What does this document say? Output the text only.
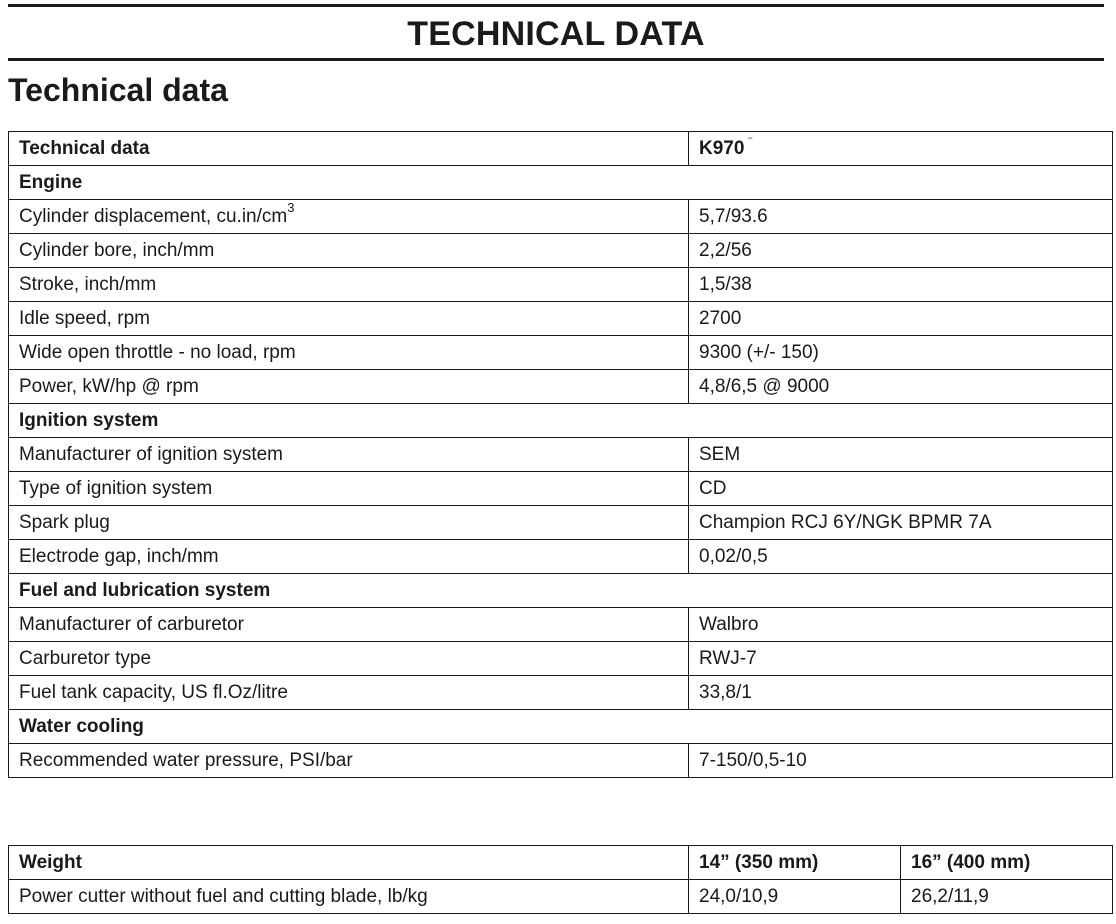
TECHNICAL DATA
Technical data
Technical data	K970 ‾
Engine	
Cylinder displacement, $cu.in/cm^3$	5,7/93.6
Cylinder bore, inch/mm	2,2/56
Stroke, inch/mm	1,5/38
Idle speed, rpm	2700
Wide open throttle - no load, rpm	9300 (+/- 150)
Power, kW/hp @ rpm	4,8/6,5 @ 9000
Ignition system	
Manufacturer of ignition system	SEM
Type of ignition system	CD
Spark plug	Champion RCJ 6Y/NGK BPMR 7A
Electrode gap, inch/mm	0,02/0,5
Fuel and lubrication system	
Manufacturer of carburetor	Walbro
Carburetor type	RWJ-7
Fuel tank capacity, US fl.Oz/litre	33,8/1
Water cooling	
Recommended water pressure, PSI/bar	7-150/0,5-10
Weight	14” (350 mm)	16” (400 mm)
Power cutter without fuel and cutting blade, lb/kg	24,0/10,9	26,2/11,9
